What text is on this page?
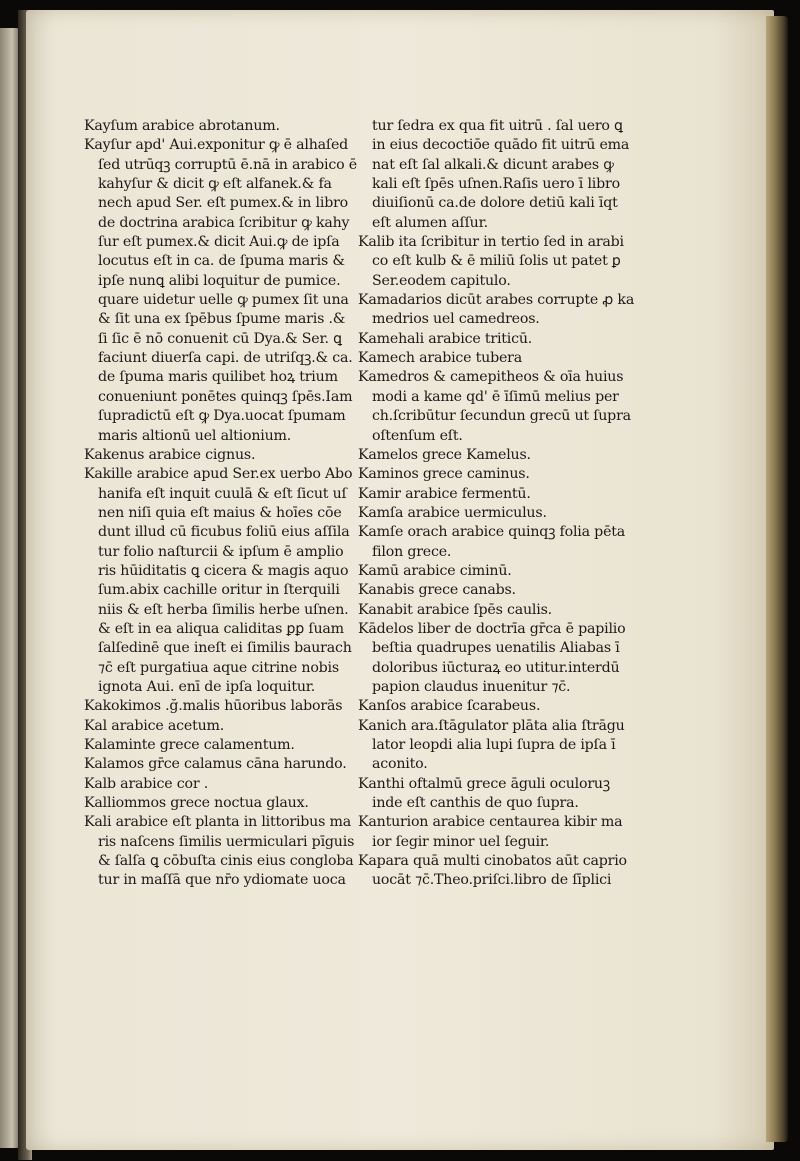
Kayſum arabice abrotanum.
Kayſur apd' Aui.exponitur ꝙ ē alhaſed
ſed utrūqꝫ corruptū ē.nā in arabico ē
kahyſur & dicit ꝙ eſt alfanek.& fa
nech apud Ser. eſt pumex.& in libro
de doctrina arabica ſcribitur ꝙ kahy
ſur eſt pumex.& dicit Aui.ꝙ de ipſa
locutus eſt in ca. de ſpuma maris &
ipſe nunꝗ alibi loquitur de pumice.
quare uidetur uelle ꝙ pumex ſit una
& ſit una ex ſpēbus ſpume maris .&
ſi ſic ē nō conuenit cū Dya.& Ser. ꝗ
faciunt diuerſa capi. de utriſqꝫ.& ca.
de ſpuma maris quilibet hoꝝ trium
conueniunt ponētes quinqꝫ ſpēs.Iam
ſupradictū eſt ꝙ Dya.uocat ſpumam
maris altionū uel altionium.
Kakenus arabice cignus.
Kakille arabice apud Ser.ex uerbo Abo
hanifa eſt inquit cuulā & eſt ſicut uſ
nen niſi quia eſt maius & hoīes cōe
dunt illud cū ficubus foliū eius aſſila
tur folio naſturcii & ipſum ē amplio
ris hūiditatis ꝗ cicera & magis aquo
ſum.abix cachille oritur in ſterquili
niis & eſt herba ſimilis herbe uſnen.
& eſt in ea aliqua caliditas ꝑꝑ ſuam
ſalſedinē que ineſt ei ſimilis baurach
⁊c̄ eſt purgatiua aque citrine nobis
ignota Aui. enī de ipſa loquitur.
Kakokimos .ğ.malis hūoribus laborās
Kal arabice acetum.
Kalaminte grece calamentum.
Kalamos gr̄ce calamus cāna harundo.
Kalb arabice cor .
Kalliommos grece noctua glaux.
Kali arabice eſt planta in littoribus ma
ris naſcens ſimilis uermiculari pīguis
& ſalſa ꝗ cōbuſta cinis eius congloba
tur in maſſā que nr̄o ydiomate uoca
tur ſedra ex qua fit uitrū . ſal uero ꝗ
in eius decoctiōe quādo fit uitrū ema
nat eſt ſal alkali.& dicunt arabes ꝙ
kali eſt ſpēs uſnen.Raſis uero ī libro
diuiſionū ca.de dolore detiū kali īqt
eſt alumen aſſur.
Kalib ita ſcribitur in tertio ſed in arabi
co eſt kulb & ē miliū ſolis ut patet ꝑ
Ser.eodem capitulo.
Kamadarios dicūt arabes corrupte ꝓ ka
medrios uel camedreos.
Kamehali arabice triticū.
Kamech arabice tubera
Kamedros & camepitheos & oīa huius
modi a kame qd' ē īſimū melius per
ch.ſcribūtur ſecundun grecū ut ſupra
oſtenſum eſt.
Kamelos grece Kamelus.
Kaminos grece caminus.
Kamir arabice fermentū.
Kamſa arabice uermiculus.
Kamſe orach arabice quinqꝫ folia pēta
filon grece.
Kamū arabice ciminū.
Kanabis grece canabs.
Kanabit arabice ſpēs caulis.
Kādelos liber de doctrīa gr̄ca ē papilio
beſtia quadrupes uenatilis Aliabas ī
doloribus iūcturaꝝ eo utitur.interdū
papion claudus inuenitur ⁊c̄.
Kanſos arabice ſcarabeus.
Kanich ara.ſtāgulator plāta alia ſtrāgu
lator leopdi alia lupi ſupra de ipſa ī
aconito.
Kanthi oftalmū grece āguli oculoruꝫ
inde eſt canthis de quo ſupra.
Kanturion arabice centaurea kibir ma
ior ſegir minor uel ſeguir.
Kapara quā multi cinobatos aūt caprio
uocāt ⁊c̄.Theo.priſci.libro de ſīplici
